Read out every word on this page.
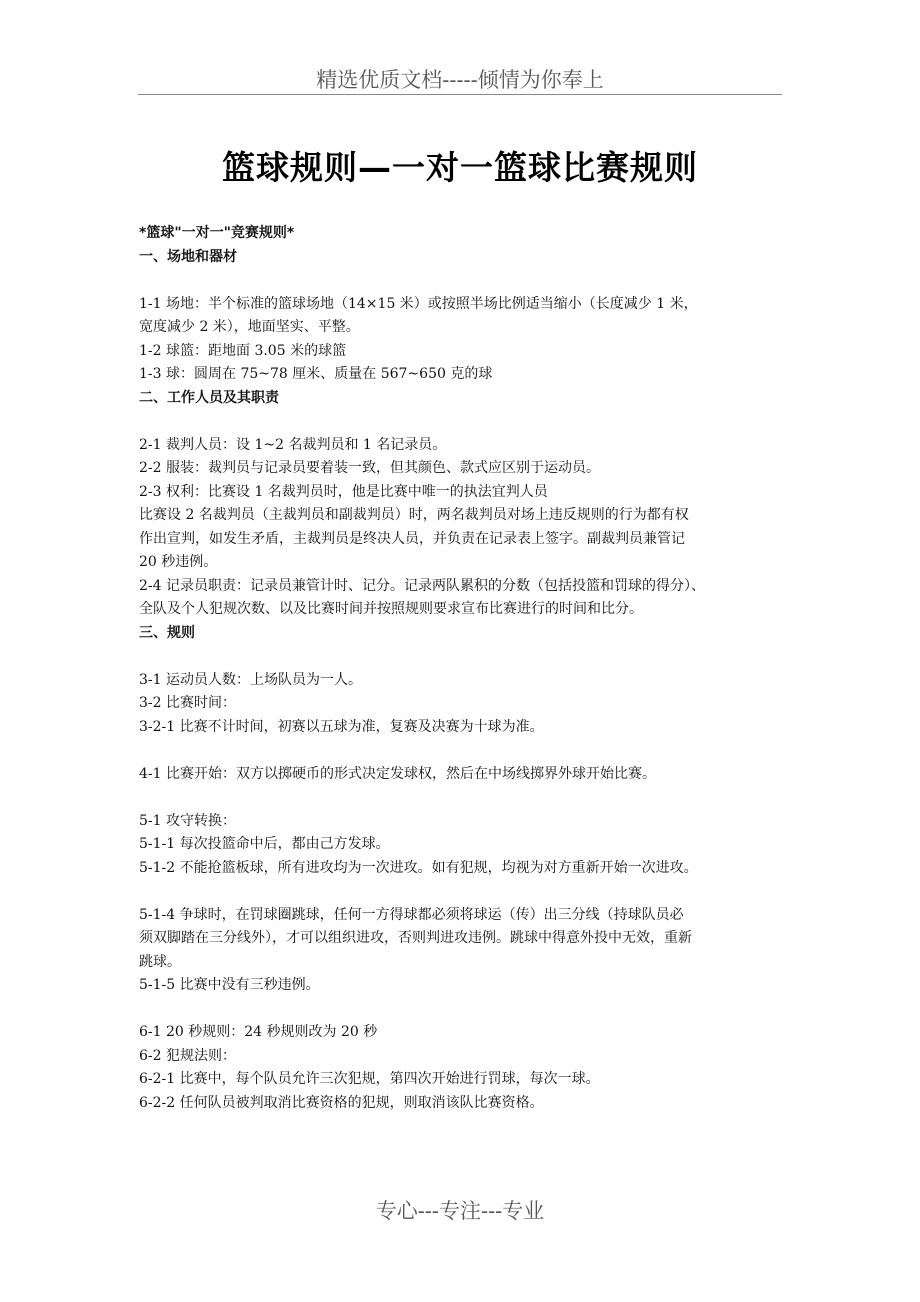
精选优质文档-----倾情为你奉上
篮球规则—一对一篮球比赛规则
*篮球"一对一"竞赛规则*
一、场地和器材
1-1 场地：半个标准的篮球场地（14×15 米）或按照半场比例适当缩小（长度减少 1 米，
宽度减少 2 米），地面坚实、平整。
1-2 球篮：距地面 3.05 米的球篮
1-3 球：圆周在 75~78 厘米、质量在 567~650 克的球
二、工作人员及其职责
2-1 裁判人员：设 1~2 名裁判员和 1 名记录员。
2-2 服装：裁判员与记录员要着装一致，但其颜色、款式应区别于运动员。
2-3 权利：比赛设 1 名裁判员时，他是比赛中唯一的执法宜判人员
比赛设 2 名裁判员（主裁判员和副裁判员）时，两名裁判员对场上违反规则的行为都有权
作出宣判，如发生矛盾，主裁判员是终决人员，并负责在记录表上签字。副裁判员兼管记
20 秒违例。
2-4 记录员职责：记录员兼管计时、记分。记录两队累积的分数（包括投篮和罚球的得分）、
全队及个人犯规次数、以及比赛时间并按照规则要求宣布比赛进行的时间和比分。
三、规则
3-1 运动员人数：上场队员为一人。
3-2 比赛时间：
3-2-1 比赛不计时间，初赛以五球为准，复赛及决赛为十球为准。
4-1 比赛开始：双方以掷硬币的形式决定发球权，然后在中场线掷界外球开始比赛。
5-1 攻守转换：
5-1-1 每次投篮命中后，都由己方发球。
5-1-2 不能抢篮板球，所有进攻均为一次进攻。如有犯规，均视为对方重新开始一次进攻。
5-1-4 争球时，在罚球圈跳球，任何一方得球都必须将球运（传）出三分线（持球队员必
须双脚踏在三分线外），才可以组织进攻，否则判进攻违例。跳球中得意外投中无效，重新
跳球。
5-1-5 比赛中没有三秒违例。
6-1 20 秒规则：24 秒规则改为 20 秒
6-2 犯规法则：
6-2-1 比赛中，每个队员允许三次犯规，第四次开始进行罚球，每次一球。
6-2-2 任何队员被判取消比赛资格的犯规，则取消该队比赛资格。
专心---专注---专业
